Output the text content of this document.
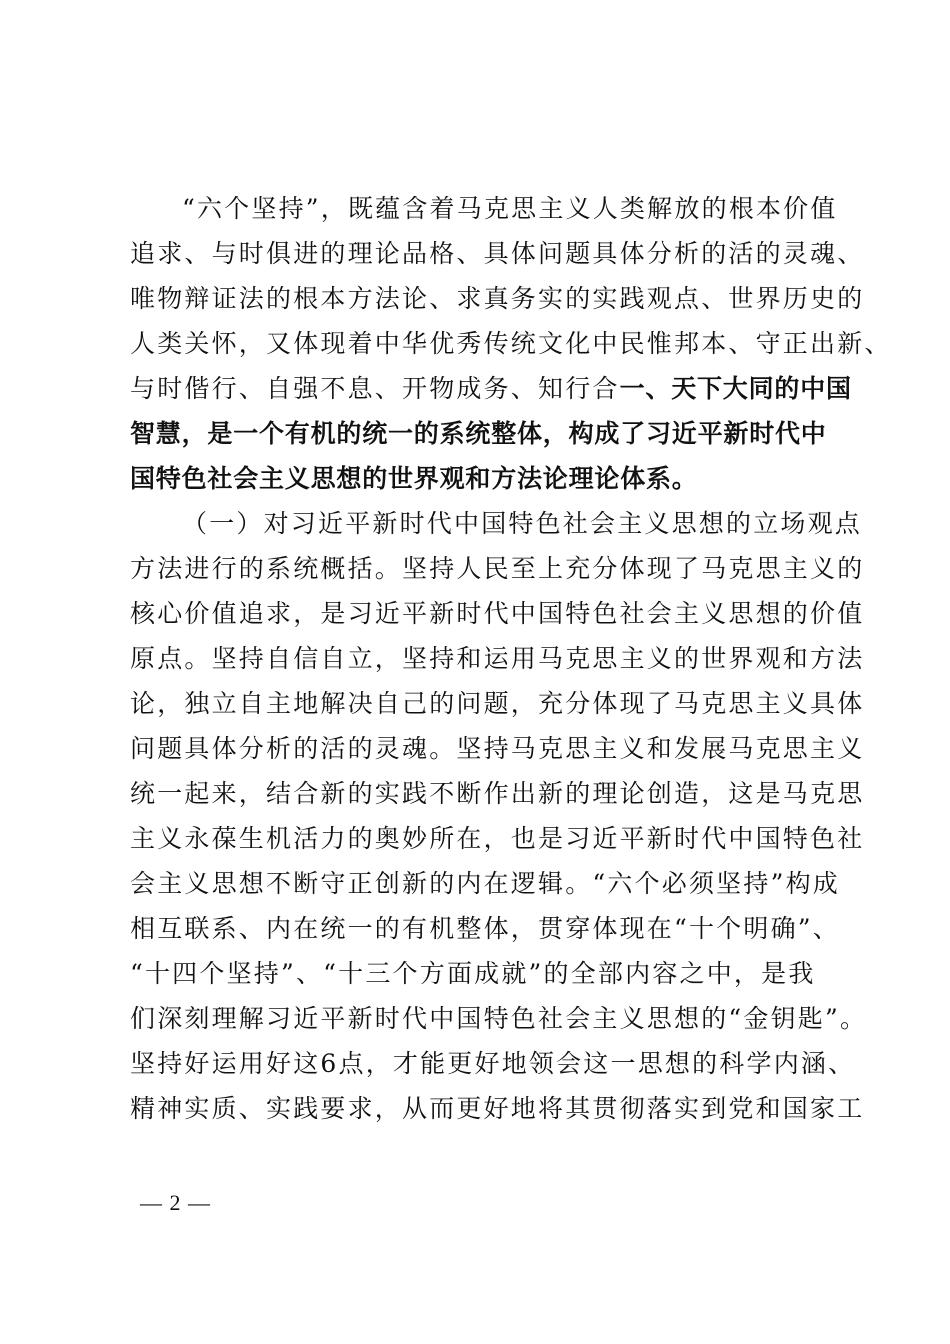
“六个坚持”，既蕴含着马克思主义人类解放的根本价值
追求、与时俱进的理论品格、具体问题具体分析的活的灵魂、
唯物辩证法的根本方法论、求真务实的实践观点、世界历史的
人类关怀，又体现着中华优秀传统文化中民惟邦本、守正出新、
与时偕行、自强不息、开物成务、知行合一、天下大同的中国
智慧，是一个有机的统一的系统整体，构成了习近平新时代中
国特色社会主义思想的世界观和方法论理论体系。
（一）对习近平新时代中国特色社会主义思想的立场观点
方法进行的系统概括。坚持人民至上充分体现了马克思主义的
核心价值追求，是习近平新时代中国特色社会主义思想的价值
原点。坚持自信自立，坚持和运用马克思主义的世界观和方法
论，独立自主地解决自己的问题，充分体现了马克思主义具体
问题具体分析的活的灵魂。坚持马克思主义和发展马克思主义
统一起来，结合新的实践不断作出新的理论创造，这是马克思
主义永葆生机活力的奥妙所在，也是习近平新时代中国特色社
会主义思想不断守正创新的内在逻辑。“六个必须坚持”构成
相互联系、内在统一的有机整体，贯穿体现在“十个明确”、
“十四个坚持”、“十三个方面成就”的全部内容之中，是我
们深刻理解习近平新时代中国特色社会主义思想的“金钥匙”。
坚持好运用好这6点，才能更好地领会这一思想的科学内涵、
精神实质、实践要求，从而更好地将其贯彻落实到党和国家工
— 2 —
